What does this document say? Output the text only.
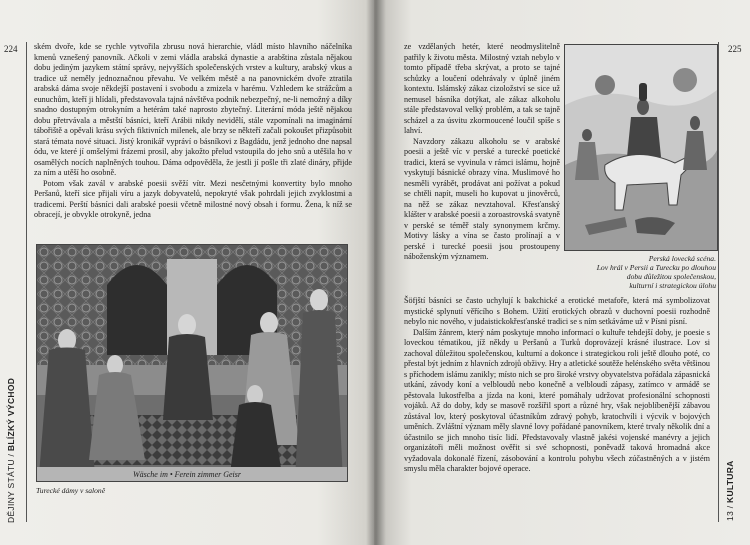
224
DĚJINY STÁTU / BLÍZKÝ VÝCHOD

ském dvoře, kde se rychle vytvořila zbrusu nová hierarchie, vládl místo hlavního náčelníka kmenů vznešený panovník. Ačkoli v zemi vládla arabská dynastie a arabština zůstala nějakou dobu jediným jazykem státní správy, nejvyšších společenských vrstev a kultury, arabský vkus a tradice už neměly jednoznačnou převahu. Ve velkém městě a na panovnickém dvoře ztratila arabská dáma svoje někdejší postavení i svobodu a zmizela v harému. Vzhledem ke strážcům a eunuchům, kteří ji hlídali, představovala tajná návštěva podnik nebezpečný, ne-li nemožný a díky snadno dostupným otrokyním a hetérám také naprosto zbytečný. Literární móda ještě nějakou dobu přetrvávala a městští básníci, kteří Arábii nikdy nevidělí, stále vzpomínali na imaginární tábořiště a opěvali krásu svých fiktivních milenek, ale brzy se někteří začali pokoušet přizpůsobit stará témata nové situaci. Jistý kronikář vypráví o básníkovi z Bagdádu, jenž jednoho dne napsal ódu, ve které jí omšelými frázemi prosil, aby jakožto přelud vstoupila do jeho snů a utěšila ho v osamělých nocích naplněných touhou. Dáma odpověděla, že jestli jí pošle tři zlaté dináry, přijde za ním a utěší ho osobně.

Potom však zavál v arabské poesii svěží vítr. Mezi nesčetnými konvertity bylo mnoho Peršanů, kteří sice přijali víru a jazyk dobyvatelů, nepokryté však pohrdali jejich zvyklostmi a tradicemi. Perští básníci dali arabské poesii včetně milostné nový obsah i formu. Žena, k níž se obracejí, je obvykle otrokyně, jedna

Wäsche im • Ferein zimmer Geisr
Turecké dámy v saloně
225
13 / KULTURA

ze vzdělaných hetér, které neodmyslitelně patřily k životu města. Milostný vztah nebylo v tomto případě třeba skrývat, a proto se tajné schůzky a loučení odehrávaly v úplně jiném kontextu. Islámský zákaz cizoložství se sice už nemusel básníka dotýkat, ale zákaz alkoholu stále představoval velký problém, a tak se tajně scházel a za úsvitu zkormoucené loučil spíše s lahví.

Navzdory zákazu alkoholu se v arabské poesii a ještě víc v perské a turecké poetické tradici, která se vyvinula v rámci islámu, hojně vyskytují básnické obrazy vína. Muslimové ho nesměli vyrábět, prodávat ani požívat a pokud se chtěli napít, museli ho kupovat u jinověrců, na něž se zákaz nevztahoval. Křesťanský klášter v arabské poesii a zoroastrovská svatyně v perské se téměř staly synonymem krčmy. Motivy lásky a vína se často prolínají a v perské i turecké poesii jsou prostoupeny náboženským významem.	Perská lovecká scéna.
Lov hrál v Persii a Turecku po dlouhou
dobu důležitou společenskou,
kulturní i strategickou úlohu

Šöfjští básníci se často uchylují k bakchické a erotické metafoře, která má symbolizovat mystické splynutí věřícího s Bohem. Užití erotických obrazů v duchovní poesii rozhodně nebylo nic nového, v judaistickokřesťanské tradici se s ním setkáváme už v Písni písní.

Dalším žánrem, který nám poskytuje mnoho informací o kultuře tehdejší doby, je poesie s loveckou tématikou, jíž někdy u Peršanů a Turků doprovázejí krásné ilustrace. Lov si zachoval důležitou společenskou, kulturní a dokonce i strategickou roli ještě dlouho poté, co přestal být jedním z hlavních zdrojů obživy. Hry a atletické soutěže helénského světa většinou s příchodem islámu zanikly; místo nich se pro široké vrstvy obyvatelstva pořádala zápasnická utkání, závody koní a velbloudů nebo konečně a velbloudí zápasy, zatímco v armádě se pěstovala lukostřelba a jízda na koni, které pomáhaly udržovat profesionální schopnosti vojáků. Až do doby, kdy se masově rozšířil sport a různé hry, však nejoblíbenější zábavou zůstával lov, který poskytoval účastníkům zdravý pohyb, kratochvíli i výcvik v bojových uměních. Zvláštní význam měly slavné lovy pořádané panovníkem, které trvaly několik dní a účastnilo se jich mnoho tisíc lidí. Představovaly vlastně jakési vojenské manévry a jejich organizátoři měli možnost ověřit si své schopnosti, poněvadž taková hromadná akce vyžadovala dokonalé řízení, zásobování a kontrolu pohybu všech zúčastněných a v jistém smyslu měla charakter bojové operace.
